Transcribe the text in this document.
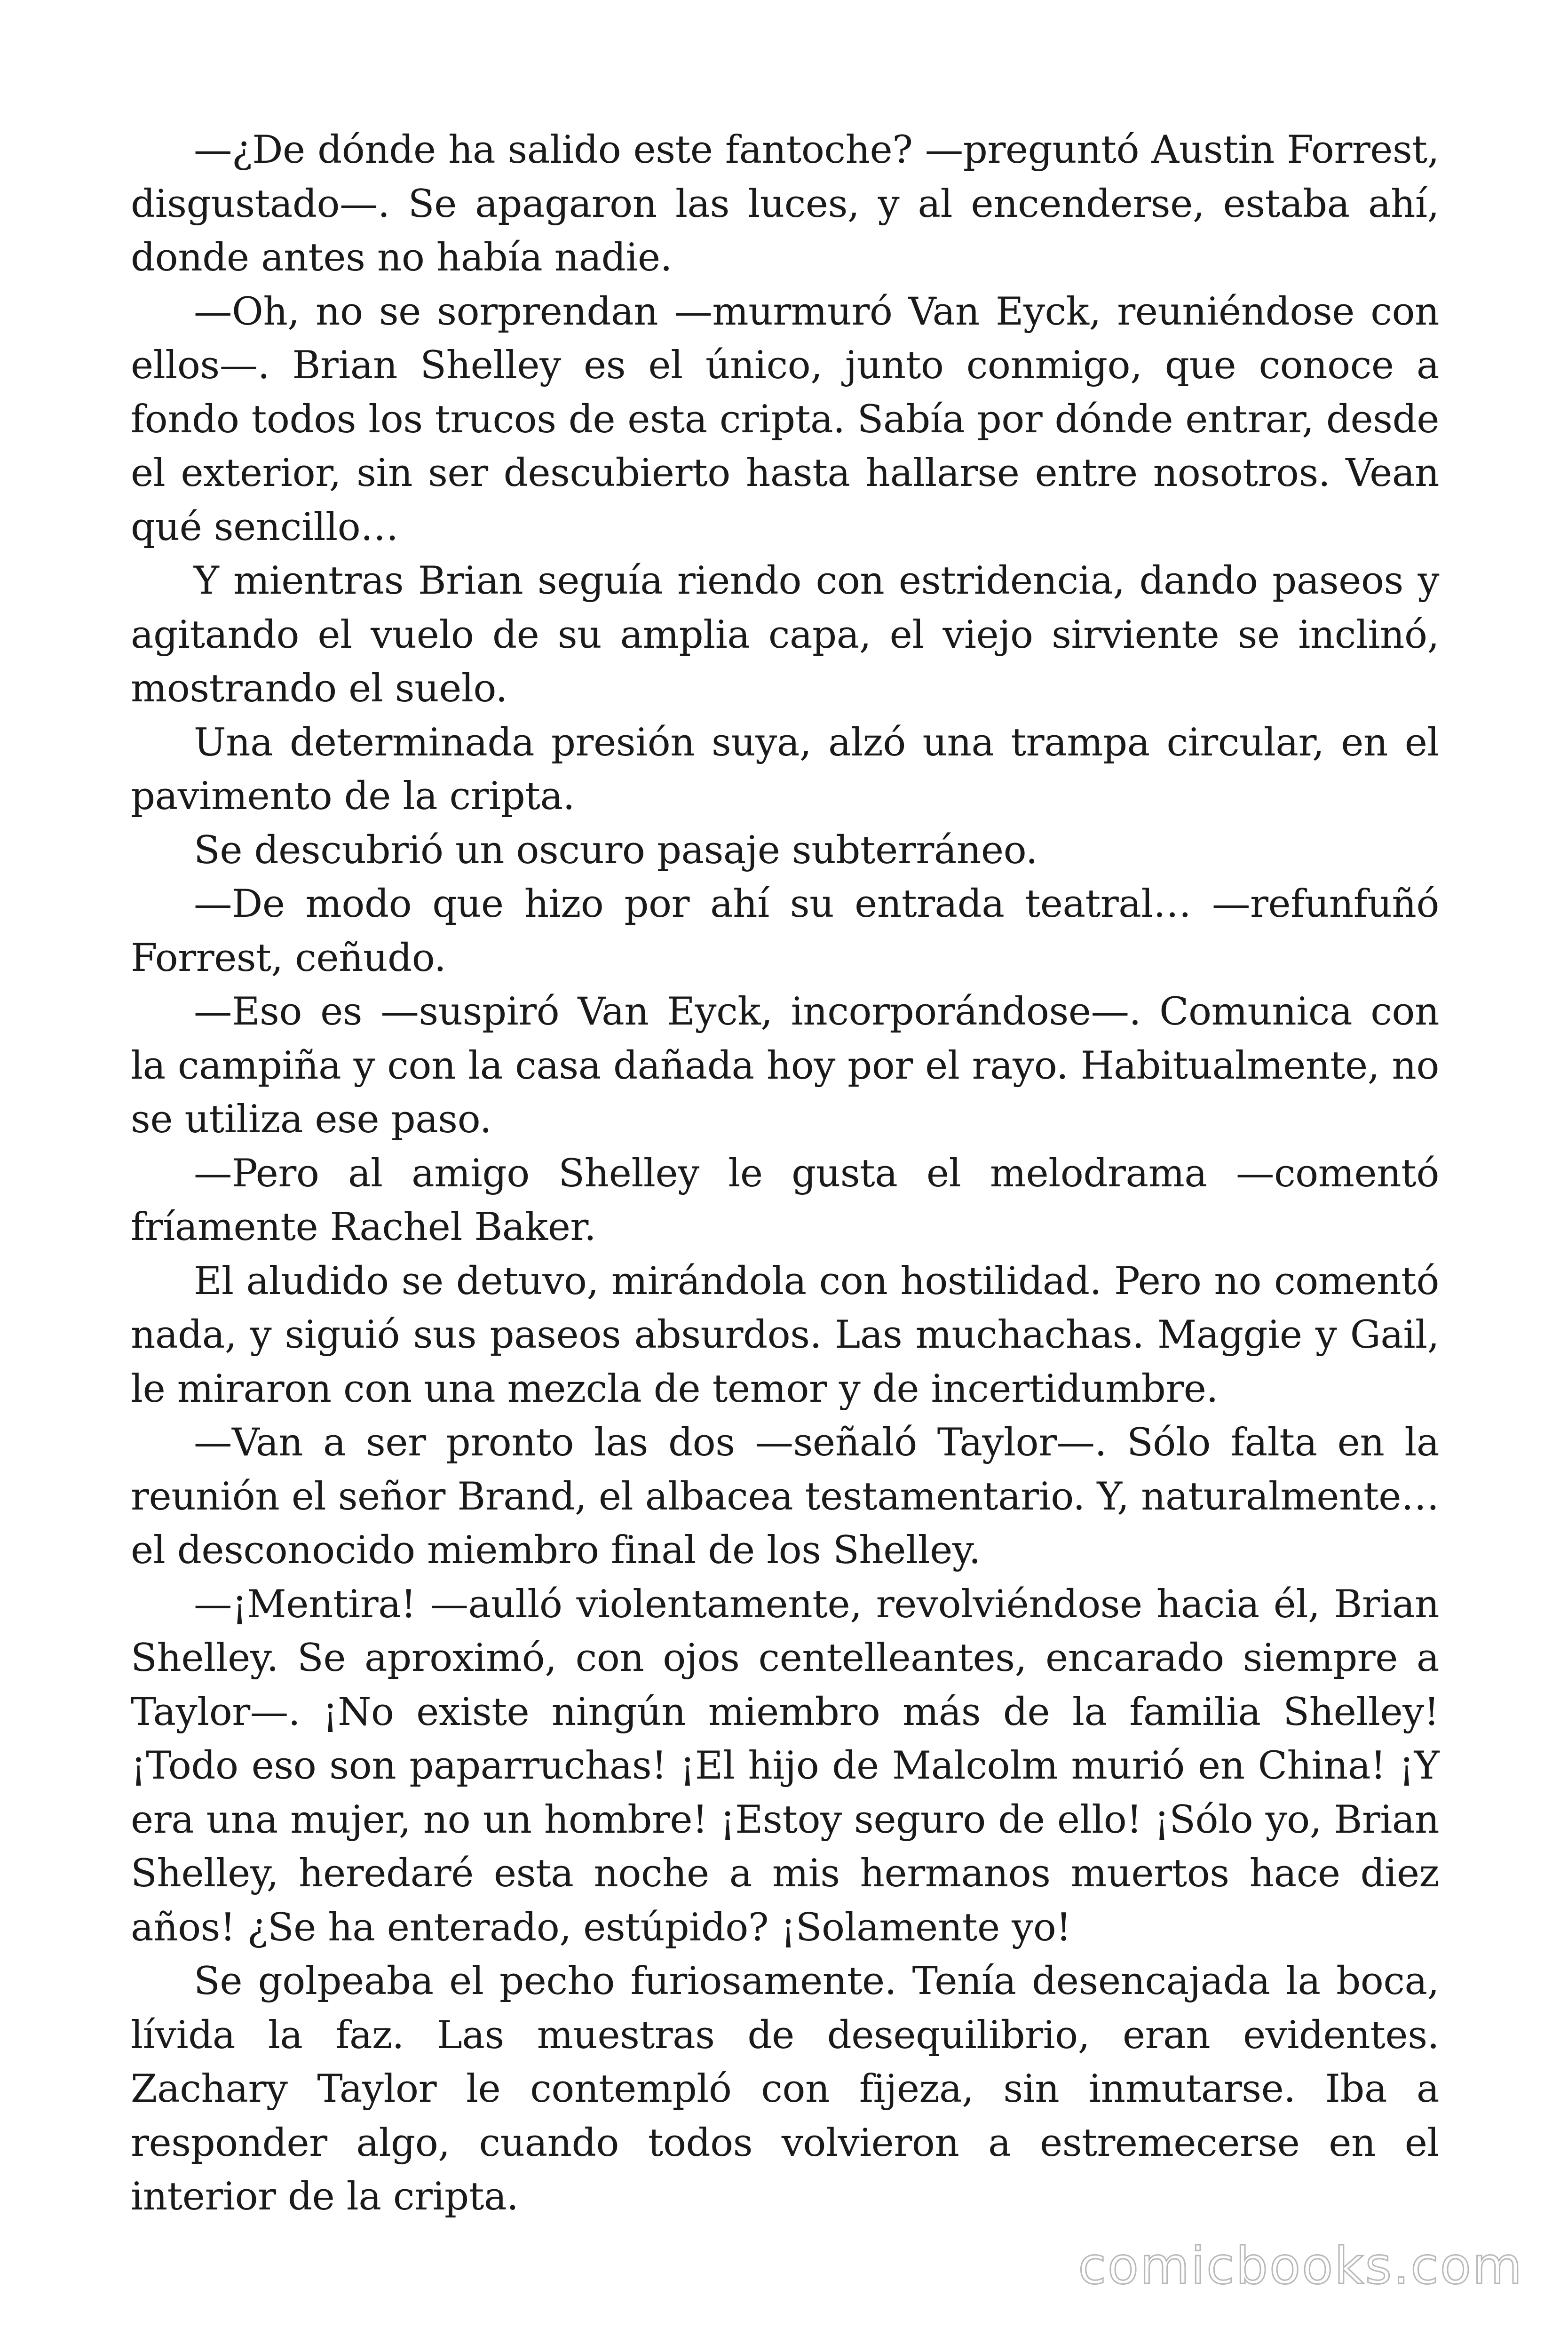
—¿De dónde ha salido este fantoche? —preguntó Austin Forrest, disgustado—. Se apagaron las luces, y al encenderse, estaba ahí, donde antes no había nadie.

—Oh, no se sorprendan —murmuró Van Eyck, reuniéndose con ellos—. Brian Shelley es el único, junto conmigo, que conoce a fondo todos los trucos de esta cripta. Sabía por dónde entrar, desde el exterior, sin ser descubierto hasta hallarse entre nosotros. Vean qué sencillo…

Y mientras Brian seguía riendo con estridencia, dando paseos y agitando el vuelo de su amplia capa, el viejo sirviente se inclinó, mostrando el suelo.

Una determinada presión suya, alzó una trampa circular, en el pavimento de la cripta.

Se descubrió un oscuro pasaje subterráneo.

—De modo que hizo por ahí su entrada teatral… —refunfuñó Forrest, ceñudo.

—Eso es —suspiró Van Eyck, incorporándose—. Comunica con la campiña y con la casa dañada hoy por el rayo. Habitualmente, no se utiliza ese paso.

—Pero al amigo Shelley le gusta el melodrama —comentó fríamente Rachel Baker.

El aludido se detuvo, mirándola con hostilidad. Pero no comentó nada, y siguió sus paseos absurdos. Las muchachas. Maggie y Gail, le miraron con una mezcla de temor y de incertidumbre.

—Van a ser pronto las dos —señaló Taylor—. Sólo falta en la reunión el señor Brand, el albacea testamentario. Y, naturalmente… el desconocido miembro final de los Shelley.

—¡Mentira! —aulló violentamente, revolviéndose hacia él, Brian Shelley. Se aproximó, con ojos centelleantes, encarado siempre a Taylor—. ¡No existe ningún miembro más de la familia Shelley! ¡Todo eso son paparruchas! ¡El hijo de Malcolm murió en China! ¡Y era una mujer, no un hombre! ¡Estoy seguro de ello! ¡Sólo yo, Brian Shelley, heredaré esta noche a mis hermanos muertos hace diez años! ¿Se ha enterado, estúpido? ¡Solamente yo!

Se golpeaba el pecho furiosamente. Tenía desencajada la boca, lívida la faz. Las muestras de desequilibrio, eran evidentes. Zachary Taylor le contempló con fijeza, sin inmutarse. Iba a responder algo, cuando todos volvieron a estremecerse en el interior de la cripta.

comicbooks.com
